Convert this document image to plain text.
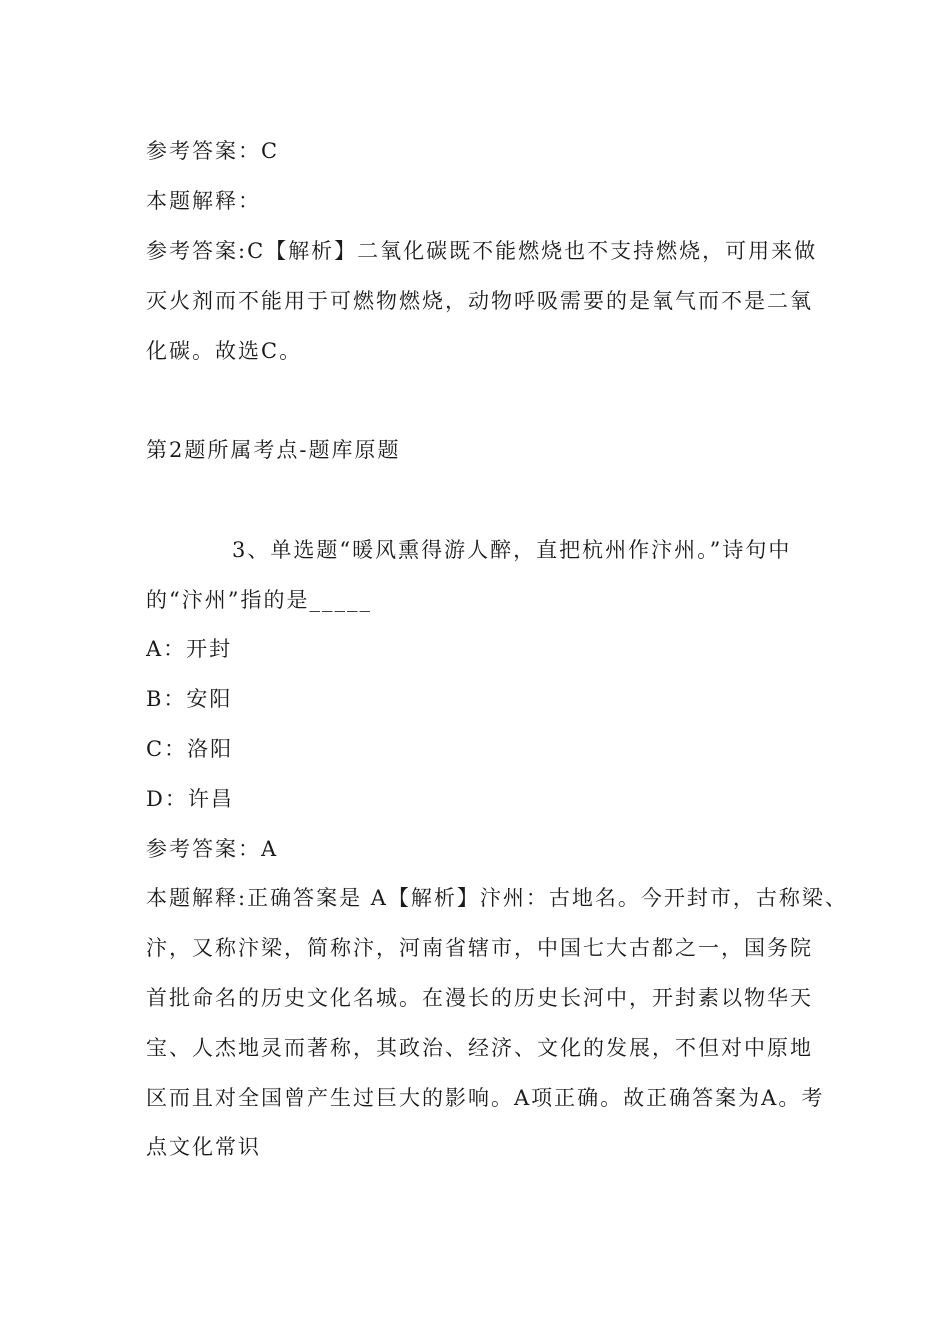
参考答案：C
本题解释：
参考答案:C【解析】二氧化碳既不能燃烧也不支持燃烧，可用来做
灭火剂而不能用于可燃物燃烧，动物呼吸需要的是氧气而不是二氧
化碳。故选C。
第2题所属考点-题库原题
3、单选题“暖风熏得游人醉，直把杭州作汴州。”诗句中
的“汴州”指的是_____
A：开封
B：安阳
C：洛阳
D：许昌
参考答案：A
本题解释:正确答案是 A【解析】汴州：古地名。今开封市，古称梁、
汴，又称汴梁，简称汴，河南省辖市，中国七大古都之一，国务院
首批命名的历史文化名城。在漫长的历史长河中，开封素以物华天
宝、人杰地灵而著称，其政治、经济、文化的发展，不但对中原地
区而且对全国曾产生过巨大的影响。A项正确。故正确答案为A。考
点文化常识
